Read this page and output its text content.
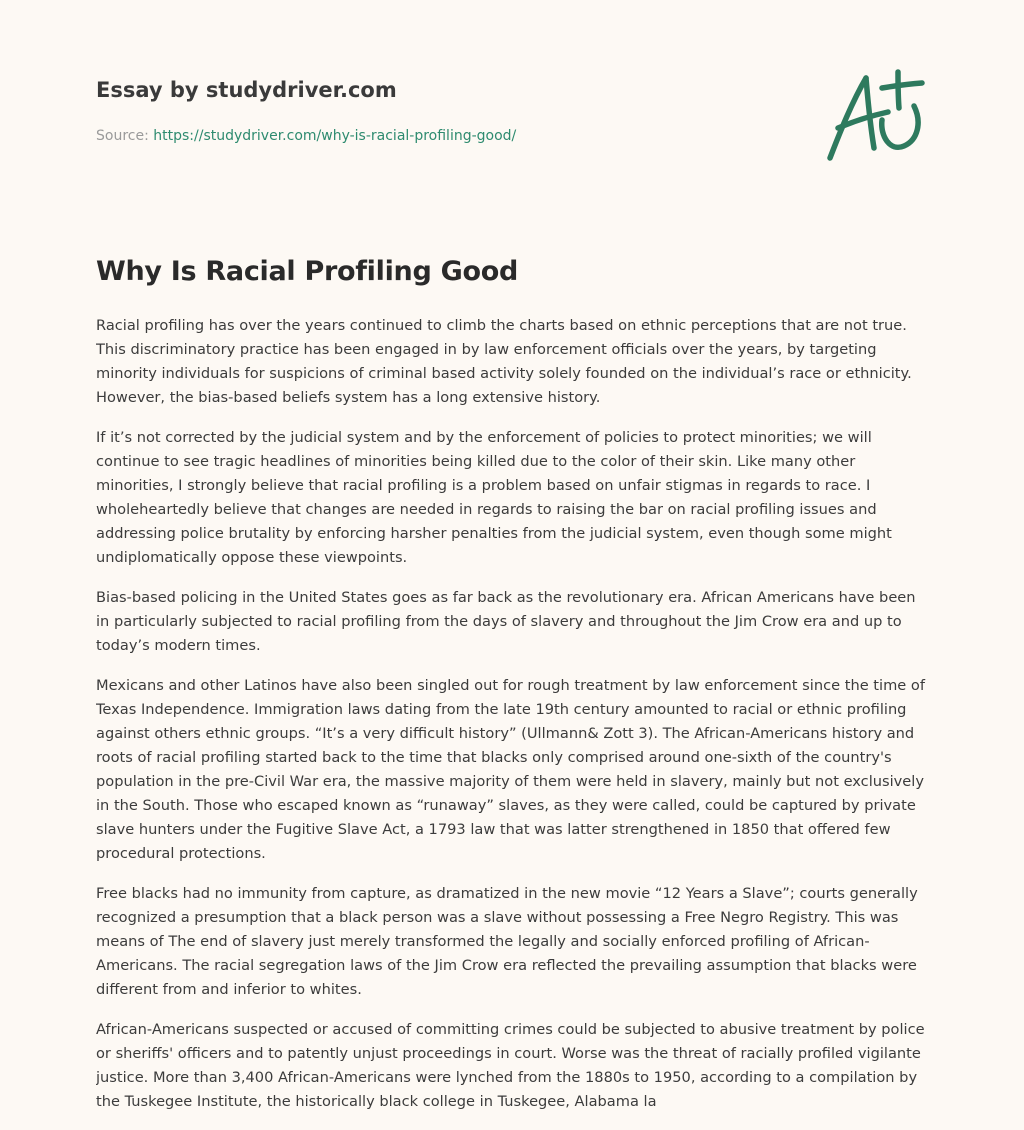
Essay by studydriver.com
Source: https://studydriver.com/why-is-racial-profiling-good/
Why Is Racial Profiling Good

Racial profiling has over the years continued to climb the charts based on ethnic perceptions that are not true. This discriminatory practice has been engaged in by law enforcement officials over the years, by targeting minority individuals for suspicions of criminal based activity solely founded on the individual’s race or ethnicity. However, the bias-based beliefs system has a long extensive history.

If it’s not corrected by the judicial system and by the enforcement of policies to protect minorities; we will continue to see tragic headlines of minorities being killed due to the color of their skin. Like many other minorities, I strongly believe that racial profiling is a problem based on unfair stigmas in regards to race. I wholeheartedly believe that changes are needed in regards to raising the bar on racial profiling issues and addressing police brutality by enforcing harsher penalties from the judicial system, even though some might undiplomatically oppose these viewpoints.

Bias-based policing in the United States goes as far back as the revolutionary era. African Americans have been in particularly subjected to racial profiling from the days of slavery and throughout the Jim Crow era and up to today’s modern times.

Mexicans and other Latinos have also been singled out for rough treatment by law enforcement since the time of Texas Independence. Immigration laws dating from the late 19th century amounted to racial or ethnic profiling against others ethnic groups. “It’s a very difficult history” (Ullmann& Zott 3). The African-Americans history and roots of racial profiling started back to the time that blacks only comprised around one-sixth of the country's population in the pre-Civil War era, the massive majority of them were held in slavery, mainly but not exclusively in the South. Those who escaped known as “runaway” slaves, as they were called, could be captured by private slave hunters under the Fugitive Slave Act, a 1793 law that was latter strengthened in 1850 that offered few procedural protections.

Free blacks had no immunity from capture, as dramatized in the new movie “12 Years a Slave”; courts generally recognized a presumption that a black person was a slave without possessing a Free Negro Registry. This was means of The end of slavery just merely transformed the legally and socially enforced profiling of African-Americans. The racial segregation laws of the Jim Crow era reflected the prevailing assumption that blacks were different from and inferior to whites.

African-Americans suspected or accused of committing crimes could be subjected to abusive treatment by police or sheriffs' officers and to patently unjust proceedings in court. Worse was the threat of racially profiled vigilante justice. More than 3,400 African-Americans were lynched from the 1880s to 1950, according to a compilation by the Tuskegee Institute, the historically black college in Tuskegee, Alabama la
